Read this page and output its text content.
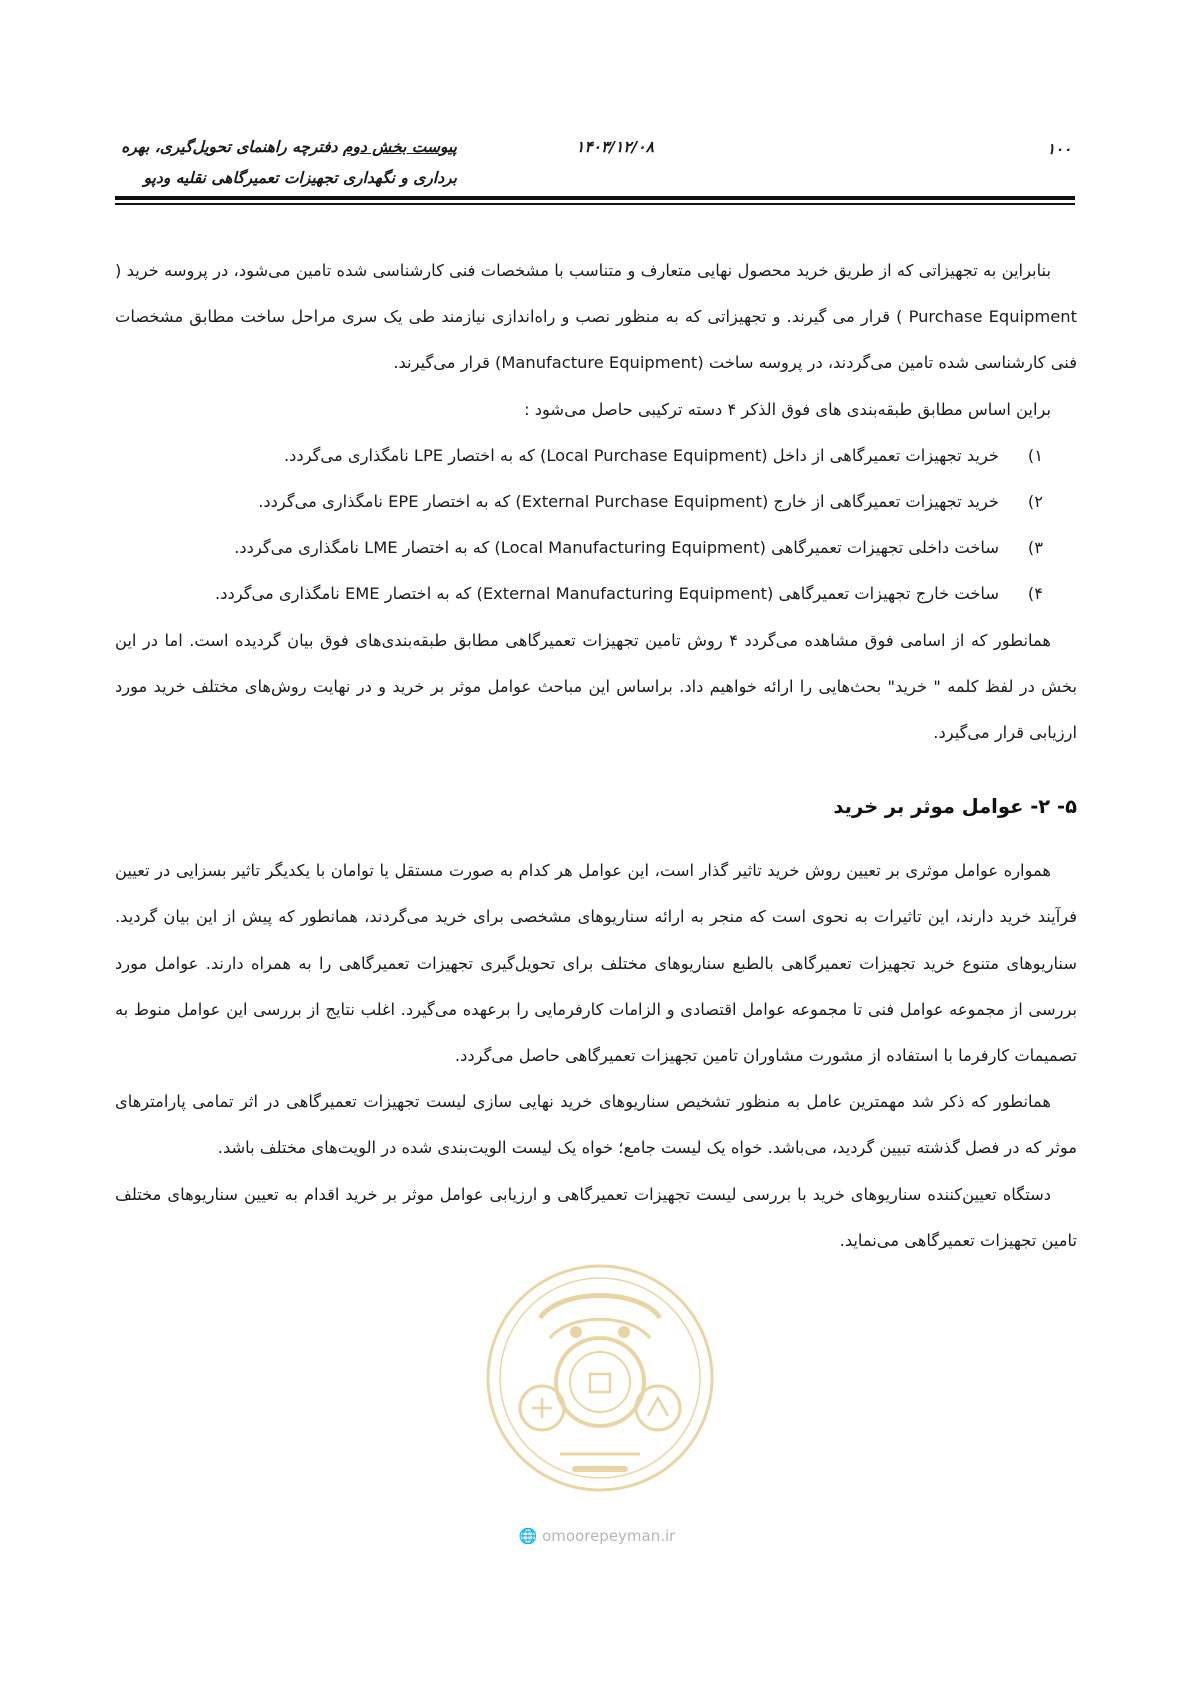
پیوست بخش دوم دفترچه راهنمای تحویل‌گیری، بهره
برداری و نگهداری تجهیزات تعمیرگاهی نقلیه ودپو
۱۴۰۳/۱۲/۰۸	۱۰۰

بنابراین به تجهیزاتی که از طریق خرید محصول نهایی متعارف و متناسب با مشخصات فنی کارشناسی شده تامین می‌شود، در پروسه خرید ( Purchase Equipment ) قرار می گیرند. و تجهیزاتی که به منظور نصب و راه‌اندازی نیازمند طی یک سری مراحل ساخت مطابق مشخصات فنی کارشناسی شده تامین می‌گردند، در پروسه ساخت (Manufacture Equipment) قرار می‌گیرند.

براین اساس مطابق طبقه‌بندی های فوق الذکر ۴ دسته ترکیبی حاصل می‌شود :

۱)
خرید تجهیزات تعمیرگاهی از داخل (Local Purchase Equipment) که به اختصار LPE نامگذاری می‌گردد.
۲)
خرید تجهیزات تعمیرگاهی از خارج (External Purchase Equipment) که به اختصار EPE نامگذاری می‌گردد.
۳)
ساخت داخلی تجهیزات تعمیرگاهی (Local Manufacturing Equipment) که به اختصار LME نامگذاری می‌گردد.
۴)
ساخت خارج تجهیزات تعمیرگاهی (External Manufacturing Equipment) که به اختصار EME نامگذاری می‌گردد.

همانطور که از اسامی فوق مشاهده می‌گردد ۴ روش تامین تجهیزات تعمیرگاهی مطابق طبقه‌بندی‌های فوق بیان گردیده است. اما در این بخش در لفظ کلمه " خرید" بحث‌هایی را ارائه خواهیم داد. براساس این مباحث عوامل موثر بر خرید و در نهایت روش‌های مختلف خرید مورد ارزیابی قرار می‌گیرد.

۵- ۲- عوامل موثر بر خرید

همواره عوامل موثری بر تعیین روش خرید تاثیر گذار است، این عوامل هر کدام به صورت مستقل یا توامان با یکدیگر تاثیر بسزایی در تعیین فرآیند خرید دارند، این تاثیرات به نحوی است که منجر به ارائه سناریوهای مشخصی برای خرید می‌گردند، همانطور که پیش از این بیان گردید. سناریوهای متنوع خرید تجهیزات تعمیرگاهی بالطبع سناریوهای مختلف برای تحویل‌گیری تجهیزات تعمیرگاهی را به همراه دارند. عوامل مورد بررسی از مجموعه عوامل فنی تا مجموعه عوامل اقتصادی و الزامات کارفرمایی را برعهده می‌گیرد. اغلب نتایج از بررسی این عوامل منوط به تصمیمات کارفرما با استفاده از مشورت مشاوران تامین تجهیزات تعمیرگاهی حاصل می‌گردد.

همانطور که ذکر شد مهمترین عامل به منظور تشخیص سناریوهای خرید نهایی سازی لیست تجهیزات تعمیرگاهی در اثر تمامی پارامترهای موثر که در فصل گذشته تبیین گردید، می‌باشد. خواه یک لیست جامع؛ خواه یک لیست الویت‌بندی شده در الویت‌های مختلف باشد.

دستگاه تعیین‌کننده سناریوهای خرید با بررسی لیست تجهیزات تعمیرگاهی و ارزیابی عوامل موثر بر خرید اقدام به تعیین سناریوهای مختلف تامین تجهیزات تعمیرگاهی می‌نماید.

🌐 omoorepeyman.ir
